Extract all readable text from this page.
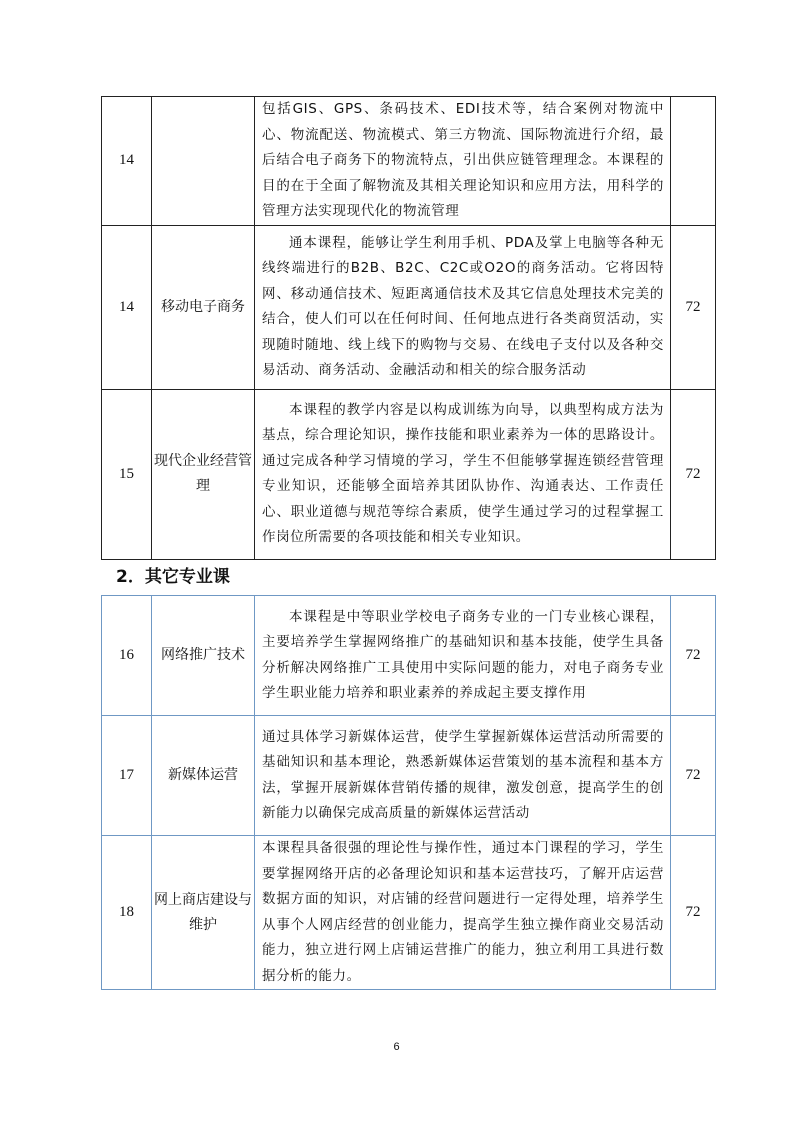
14		包括GIS、GPS、条码技术、EDI技术等，结合案例对物流中心、物流配送、物流模式、第三方物流、国际物流进行介绍，最后结合电子商务下的物流特点，引出供应链管理理念。本课程的目的在于全面了解物流及其相关理论知识和应用方法，用科学的管理方法实现现代化的物流管理	
14	移动电子商务	通本课程，能够让学生利用手机、PDA及掌上电脑等各种无线终端进行的B2B、B2C、C2C或O2O的商务活动。它将因特网、移动通信技术、短距离通信技术及其它信息处理技术完美的结合，使人们可以在任何时间、任何地点进行各类商贸活动，实现随时随地、线上线下的购物与交易、在线电子支付以及各种交易活动、商务活动、金融活动和相关的综合服务活动	72
15	现代企业经营管理	本课程的教学内容是以构成训练为向导，以典型构成方法为基点，综合理论知识，操作技能和职业素养为一体的思路设计。通过完成各种学习情境的学习，学生不但能够掌握连锁经营管理专业知识，还能够全面培养其团队协作、沟通表达、工作责任心、职业道德与规范等综合素质，使学生通过学习的过程掌握工作岗位所需要的各项技能和相关专业知识。	72
2．其它专业课
16	网络推广技术	本课程是中等职业学校电子商务专业的一门专业核心课程，主要培养学生掌握网络推广的基础知识和基本技能，使学生具备分析解决网络推广工具使用中实际问题的能力，对电子商务专业学生职业能力培养和职业素养的养成起主要支撑作用	72
17	新媒体运营	通过具体学习新媒体运营，使学生掌握新媒体运营活动所需要的基础知识和基本理论，熟悉新媒体运营策划的基本流程和基本方法，掌握开展新媒体营销传播的规律，激发创意，提高学生的创新能力以确保完成高质量的新媒体运营活动	72
18	网上商店建设与维护	本课程具备很强的理论性与操作性，通过本门课程的学习，学生要掌握网络开店的必备理论知识和基本运营技巧，了解开店运营数据方面的知识，对店铺的经营问题进行一定得处理，培养学生从事个人网店经营的创业能力，提高学生独立操作商业交易活动能力，独立进行网上店铺运营推广的能力，独立利用工具进行数据分析的能力。	72
6
